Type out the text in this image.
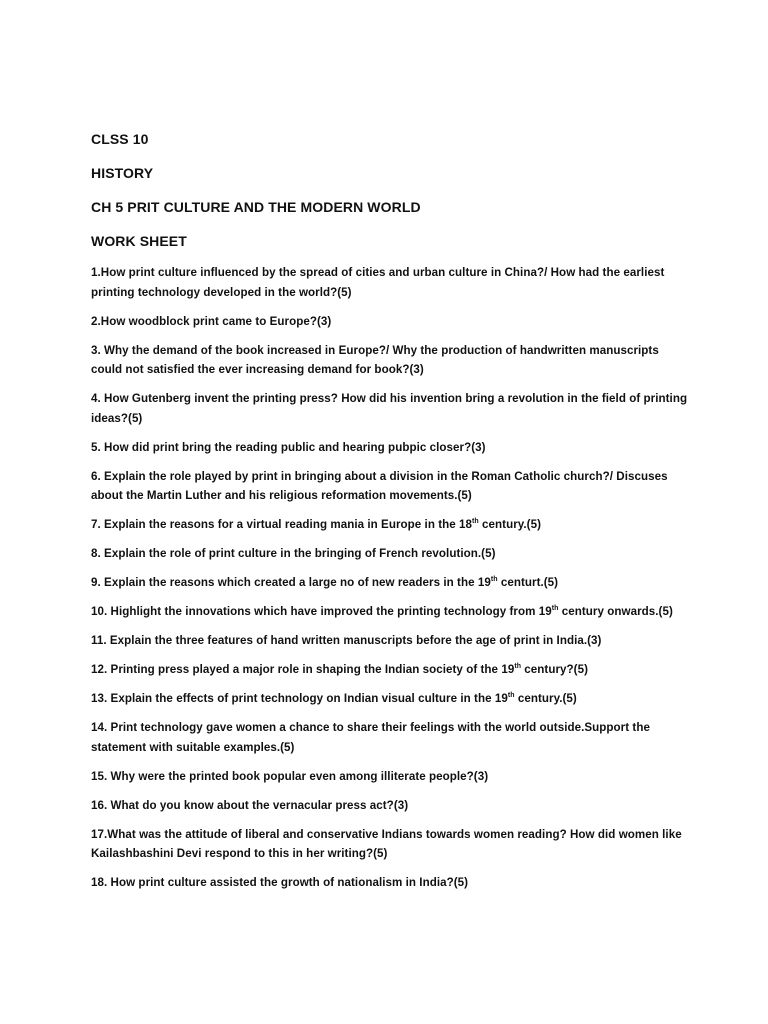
CLSS 10
HISTORY
CH 5 PRIT CULTURE AND THE MODERN WORLD
WORK SHEET

1.How print culture influenced by the spread of cities and urban culture in China?/ How had the earliest printing technology developed in the world?(5)

2.How woodblock print came to Europe?(3)

3. Why the demand of the book increased in Europe?/ Why the production of handwritten manuscripts could not satisfied the ever increasing demand for book?(3)

4. How Gutenberg invent the printing press? How did his invention bring a revolution in the field of printing ideas?(5)

5. How did print bring the reading public and hearing pubpic closer?(3)

6. Explain the role played by print in bringing about a division in the Roman Catholic church?/ Discuses about the Martin Luther and his religious reformation movements.(5)

7. Explain the reasons for a virtual reading mania in Europe in the 18th century.(5)

8. Explain the role of print culture in the bringing of French revolution.(5)

9. Explain the reasons which created a large no of new readers in the 19th centurt.(5)

10. Highlight the innovations which have improved the printing technology from 19th century onwards.(5)

11. Explain the three features of hand written manuscripts before the age of print in India.(3)

12. Printing press played a major role in shaping the Indian society of the 19th century?(5)

13. Explain the effects of print technology on Indian visual culture in the 19th century.(5)

14. Print technology gave women a chance to share their feelings with the world outside.Support the statement with suitable examples.(5)

15. Why were the printed book popular even among illiterate people?(3)

16. What do you know about the vernacular press act?(3)

17.What was the attitude of liberal and conservative Indians towards women reading? How did women like Kailashbashini Devi respond to this in her writing?(5)

18. How print culture assisted the growth of nationalism in India?(5)
